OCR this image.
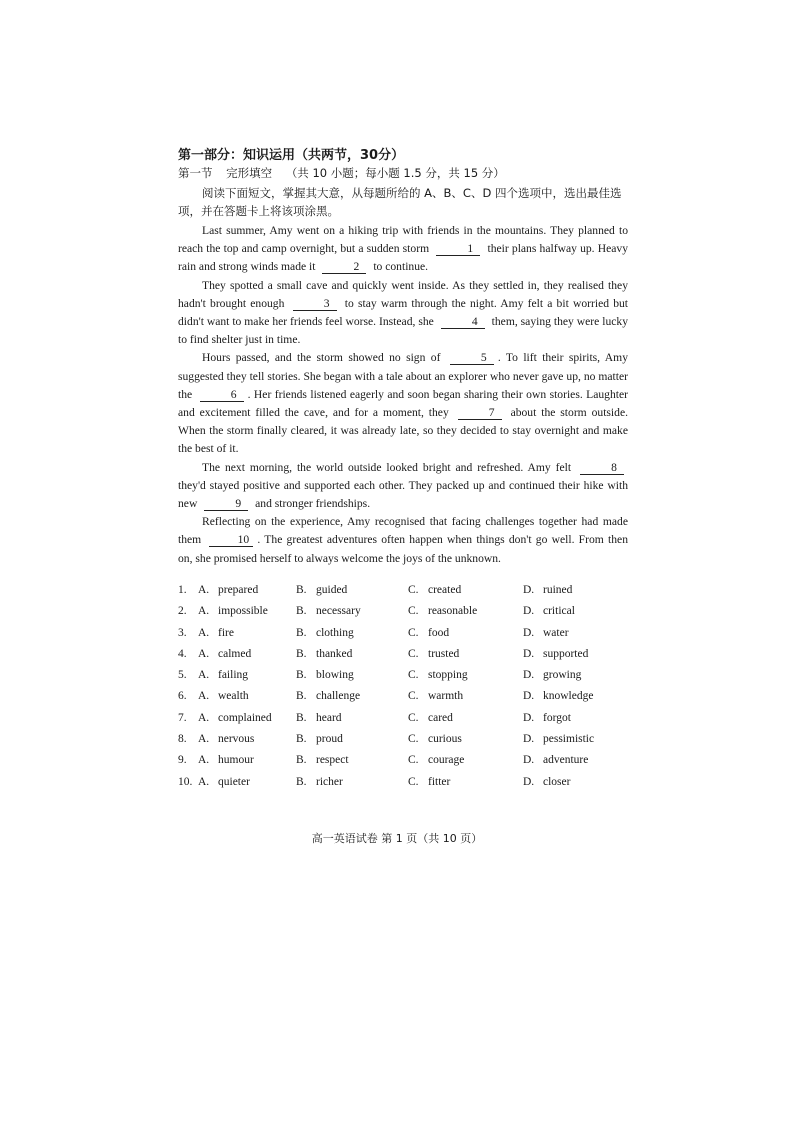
第一部分：知识运用（共两节，30分）
第一节 完形填空 （共 10 小题；每小题 1.5 分，共 15 分）
阅读下面短文，掌握其大意，从每题所给的 A、B、C、D 四个选项中，选出最佳选项，并在答题卡上将该项涂黑。

Last summer, Amy went on a hiking trip with friends in the mountains. They planned to reach the top and camp overnight, but a sudden storm	1 their plans halfway up. Heavy rain and strong winds made it	2 to continue.

They spotted a small cave and quickly went inside. As they settled in, they realised they hadn't brought enough	3 to stay warm through the night. Amy felt a bit worried but didn't want to make her friends feel worse. Instead, she	4 them, saying they were lucky to find shelter just in time.

Hours passed, and the storm showed no sign of	5 . To lift their spirits, Amy suggested they tell stories. She began with a tale about an explorer who never gave up, no matter the	6 . Her friends listened eagerly and soon began sharing their own stories. Laughter and excitement filled the cave, and for a moment, they	7 about the storm outside. When the storm finally cleared, it was already late, so they decided to stay overnight and make the best of it.

The next morning, the world outside looked bright and refreshed. Amy felt	8 they'd stayed positive and supported each other. They packed up and continued their hike with new	9 and stronger friendships.

Reflecting on the experience, Amy recognised that facing challenges together had made them	10 . The greatest adventures often happen when things don't go well. From then on, she promised herself to always welcome the joys of the unknown.

1. A. prepared	B. guided	C. created	D. ruined
2. A. impossible B. necessary	C. reasonable	D. critical
3. A. fire	B. clothing	C. food	D. water
4. A. calmed	B. thanked	C. trusted	D. supported
5. A. failing	B. blowing	C. stopping	D. growing
6. A. wealth	B. challenge	C. warmth	D. knowledge
7. A. complained B. heard	C. cared	D. forgot
8. A. nervous	B. proud	C. curious	D. pessimistic
9. A. humour	B. respect	C. courage	D. adventure
10. A. quieter	B. richer	C. fitter	D. closer
高一英语试卷 第 1 页（共 10 页）
